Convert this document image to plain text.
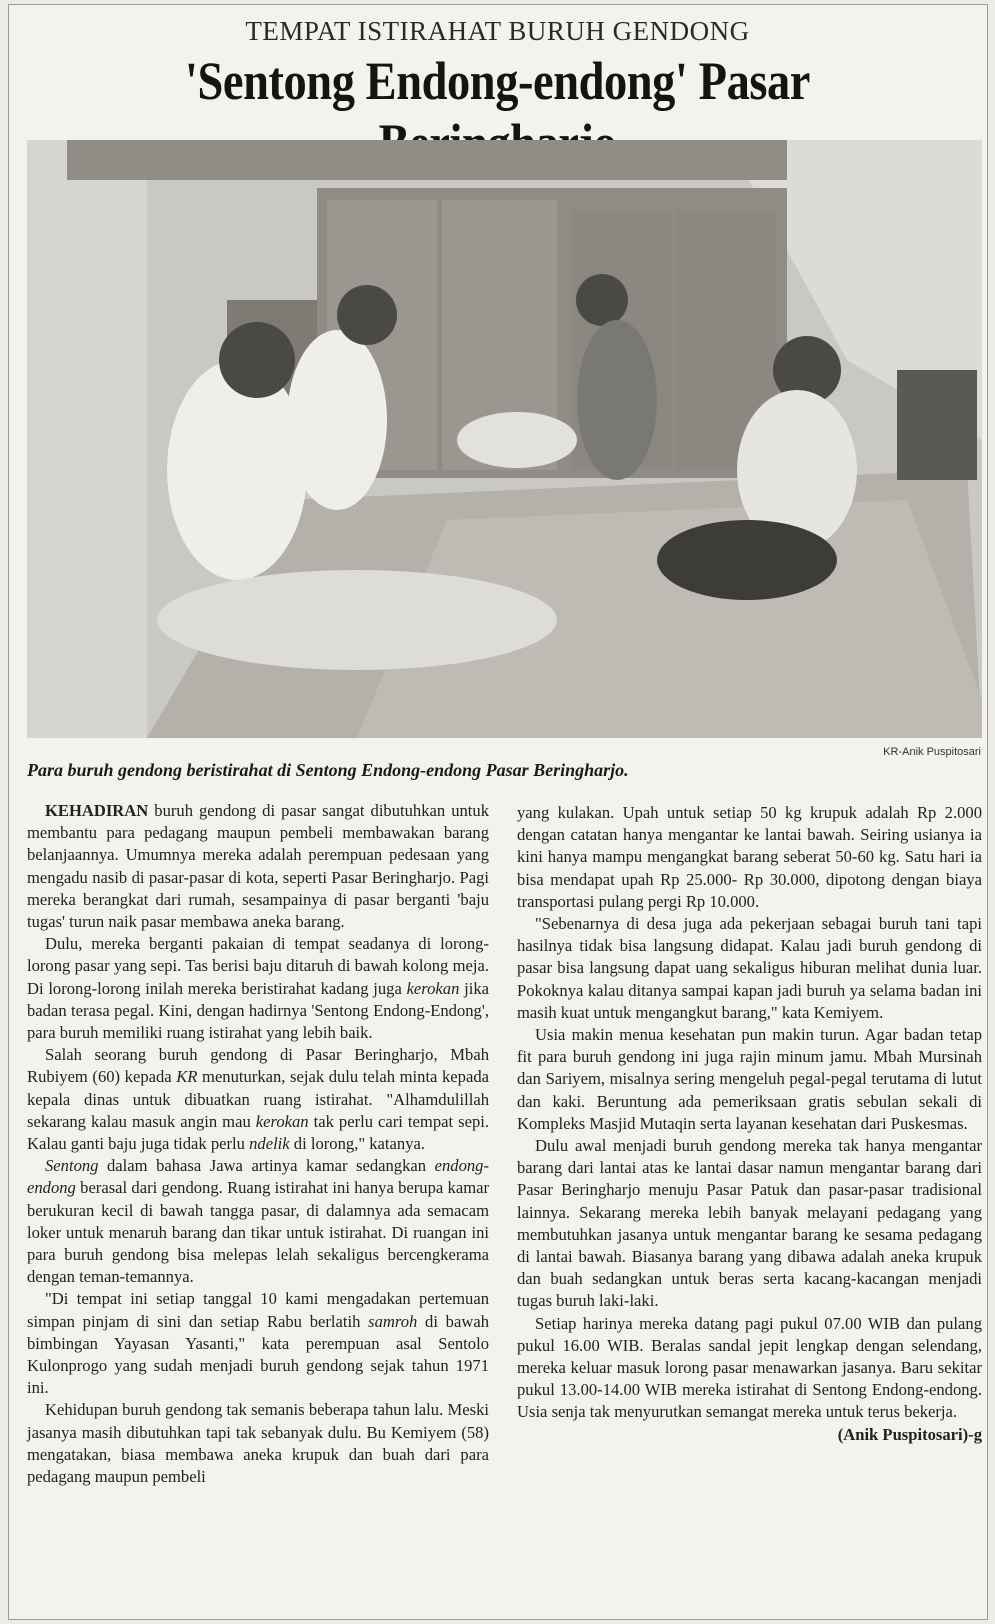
TEMPAT ISTIRAHAT BURUH GENDONG
'Sentong Endong-endong' Pasar
KR-Anik Puspitosari
Para buruh gendong beristirahat di Sentong Endong-endong Pasar Beringharjo.

KEHADIRAN buruh gendong di pasar sangat dibutuhkan untuk membantu para pedagang maupun pembeli membawakan barang belanjaannya. Umumnya mereka adalah perempuan pedesaan yang mengadu nasib di pasar-pasar di kota, seperti Pasar Beringharjo. Pagi mereka berangkat dari rumah, sesampainya di pasar berganti 'baju tugas' turun naik pasar membawa aneka barang.

Dulu, mereka berganti pakaian di tempat seadanya di lorong-lorong pasar yang sepi. Tas berisi baju ditaruh di bawah kolong meja. Di lorong-lorong inilah mereka beristirahat kadang juga kerokan jika badan terasa pegal. Kini, dengan hadirnya 'Sentong Endong-Endong', para buruh memiliki ruang istirahat yang lebih baik.

Salah seorang buruh gendong di Pasar Beringharjo, Mbah Rubiyem (60) kepada KR menuturkan, sejak dulu telah minta kepada kepala dinas untuk dibuatkan ruang istirahat. "Alhamdulillah sekarang kalau masuk angin mau kerokan tak perlu cari tempat sepi. Kalau ganti baju juga tidak perlu ndelik di lorong," katanya.

Sentong dalam bahasa Jawa artinya kamar sedangkan endong-endong berasal dari gendong. Ruang istirahat ini hanya berupa kamar berukuran kecil di bawah tangga pasar, di dalamnya ada semacam loker untuk menaruh barang dan tikar untuk istirahat. Di ruangan ini para buruh gendong bisa melepas lelah sekaligus bercengkerama dengan teman-temannya.

"Di tempat ini setiap tanggal 10 kami mengadakan pertemuan simpan pinjam di sini dan setiap Rabu berlatih samroh di bawah bimbingan Yayasan Yasanti," kata perempuan asal Sentolo Kulonprogo yang sudah menjadi buruh gendong sejak tahun 1971 ini.

Kehidupan buruh gendong tak semanis beberapa tahun lalu. Meski jasanya masih dibutuhkan tapi tak sebanyak dulu. Bu Kemiyem (58) mengatakan, biasa membawa aneka krupuk dan buah dari para pedagang maupun pembeli

yang kulakan. Upah untuk setiap 50 kg krupuk adalah Rp 2.000 dengan catatan hanya mengantar ke lantai bawah. Seiring usianya ia kini hanya mampu mengangkat barang seberat 50-60 kg. Satu hari ia bisa mendapat upah Rp 25.000- Rp 30.000, dipotong dengan biaya transportasi pulang pergi Rp 10.000.

"Sebenarnya di desa juga ada pekerjaan sebagai buruh tani tapi hasilnya tidak bisa langsung didapat. Kalau jadi buruh gendong di pasar bisa langsung dapat uang sekaligus hiburan melihat dunia luar. Pokoknya kalau ditanya sampai kapan jadi buruh ya selama badan ini masih kuat untuk mengangkut barang," kata Kemiyem.

Usia makin menua kesehatan pun makin turun. Agar badan tetap fit para buruh gendong ini juga rajin minum jamu. Mbah Mursinah dan Sariyem, misalnya sering mengeluh pegal-pegal terutama di lutut dan kaki. Beruntung ada pemeriksaan gratis sebulan sekali di Kompleks Masjid Mutaqin serta layanan kesehatan dari Puskesmas.

Dulu awal menjadi buruh gendong mereka tak hanya mengantar barang dari lantai atas ke lantai dasar namun mengantar barang dari Pasar Beringharjo menuju Pasar Patuk dan pasar-pasar tradisional lainnya. Sekarang mereka lebih banyak melayani pedagang yang membutuhkan jasanya untuk mengantar barang ke sesama pedagang di lantai bawah. Biasanya barang yang dibawa adalah aneka krupuk dan buah sedangkan untuk beras serta kacang-kacangan menjadi tugas buruh laki-laki.

Setiap harinya mereka datang pagi pukul 07.00 WIB dan pulang pukul 16.00 WIB. Beralas sandal jepit lengkap dengan selendang, mereka keluar masuk lorong pasar menawarkan jasanya. Baru sekitar pukul 13.00-14.00 WIB mereka istirahat di Sentong Endong-endong. Usia senja tak menyurutkan semangat mereka untuk terus bekerja.

(Anik Puspitosari)-g
